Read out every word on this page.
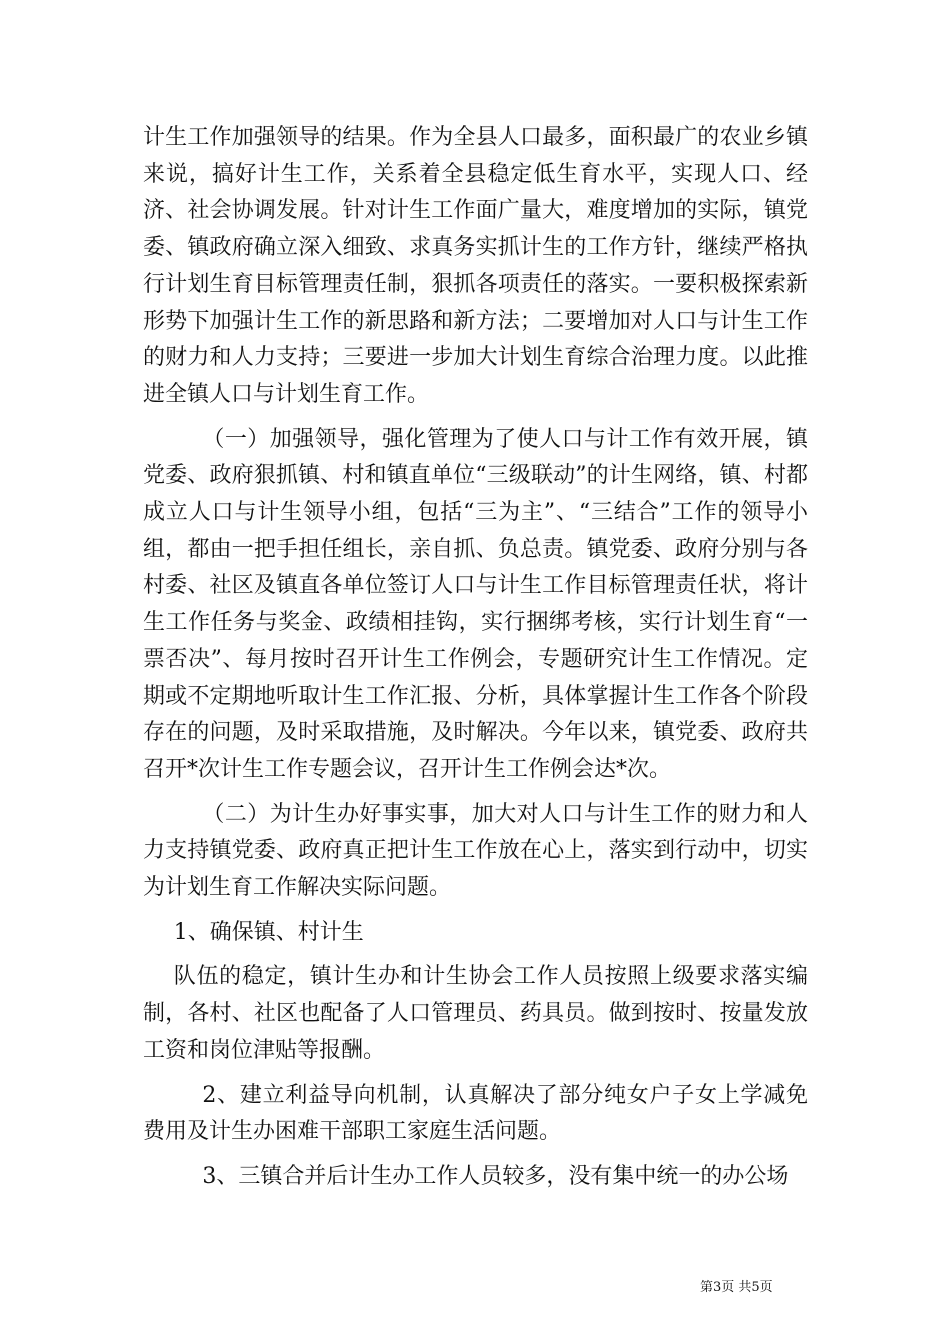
计生工作加强领导的结果。作为全县人口最多，面积最广的农业乡镇来说，搞好计生工作，关系着全县稳定低生育水平，实现人口、经济、社会协调发展。针对计生工作面广量大，难度增加的实际，镇党委、镇政府确立深入细致、求真务实抓计生的工作方针，继续严格执行计划生育目标管理责任制，狠抓各项责任的落实。一要积极探索新形势下加强计生工作的新思路和新方法；二要增加对人口与计生工作的财力和人力支持；三要进一步加大计划生育综合治理力度。以此推进全镇人口与计划生育工作。

（一）加强领导，强化管理为了使人口与计工作有效开展，镇党委、政府狠抓镇、村和镇直单位“三级联动”的计生网络，镇、村都成立人口与计生领导小组，包括“三为主”、“三结合”工作的领导小组，都由一把手担任组长，亲自抓、负总责。镇党委、政府分别与各村委、社区及镇直各单位签订人口与计生工作目标管理责任状，将计生工作任务与奖金、政绩相挂钩，实行捆绑考核，实行计划生育“一票否决”、每月按时召开计生工作例会，专题研究计生工作情况。定期或不定期地听取计生工作汇报、分析，具体掌握计生工作各个阶段存在的问题，及时采取措施，及时解决。今年以来，镇党委、政府共召开*次计生工作专题会议，召开计生工作例会达*次。

（二）为计生办好事实事，加大对人口与计生工作的财力和人力支持镇党委、政府真正把计生工作放在心上，落实到行动中，切实为计划生育工作解决实际问题。

1、确保镇、村计生

队伍的稳定，镇计生办和计生协会工作人员按照上级要求落实编制，各村、社区也配备了人口管理员、药具员。做到按时、按量发放工资和岗位津贴等报酬。

2、建立利益导向机制，认真解决了部分纯女户子女上学减免费用及计生办困难干部职工家庭生活问题。

3、三镇合并后计生办工作人员较多，没有集中统一的办公场

第3页 共5页
